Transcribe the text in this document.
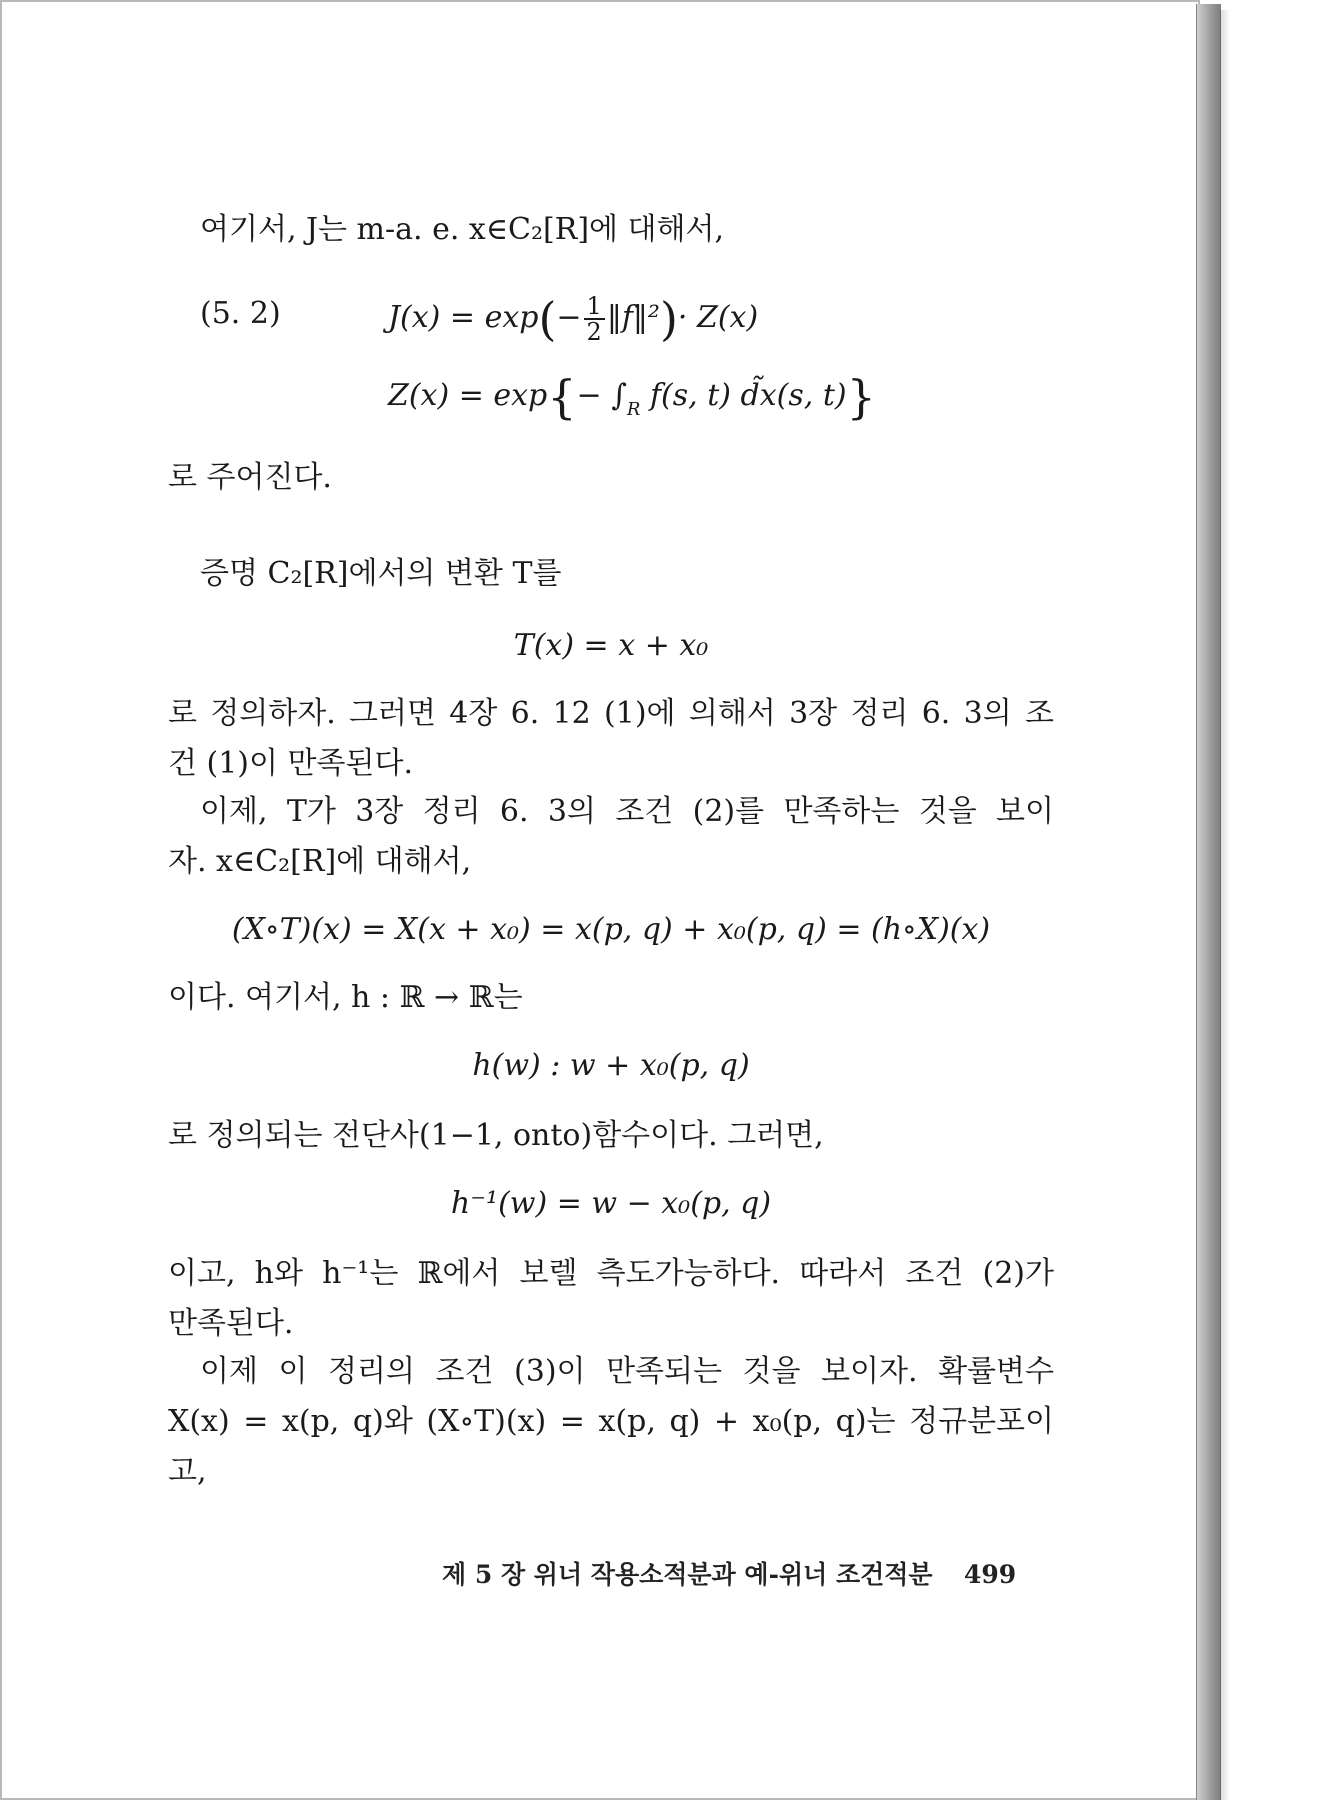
여기서, J는 m-a. e. x∈C₂[R]에 대해서,
(5. 2)	$J(x) = \exp(- \frac{1}{2}$ ‖f‖²)· Z(x)
$Z(x) = \exp\{- \int_R$ f(s, t) d̃x(s, t)}
로 주어진다.
증명 C₂[R]에서의 변환 T를
T(x) = x + x₀
로 정의하자. 그러면 4장 6. 12 (1)에 의해서 3장 정리 6. 3의 조
건 (1)이 만족된다.
이제, T가 3장 정리 6. 3의 조건 (2)를 만족하는 것을 보이
자. x∈C₂[R]에 대해서,
(X∘T)(x) = X(x + x₀) = x(p, q) + x₀(p, q) = (h∘X)(x)
이다. 여기서, h : ℝ → ℝ는
h(w) : w + x₀(p, q)
로 정의되는 전단사(1−1, onto)함수이다. 그러면,
h⁻¹(w) = w − x₀(p, q)
이고, h와 h⁻¹는 ℝ에서 보렐 측도가능하다. 따라서 조건 (2)가
만족된다.
이제 이 정리의 조건 (3)이 만족되는 것을 보이자. 확률변수
X(x) = x(p, q)와 (X∘T)(x) = x(p, q) + x₀(p, q)는 정규분포이
고,
제 5 장 위너 작용소적분과 예-위너 조건적분 499
